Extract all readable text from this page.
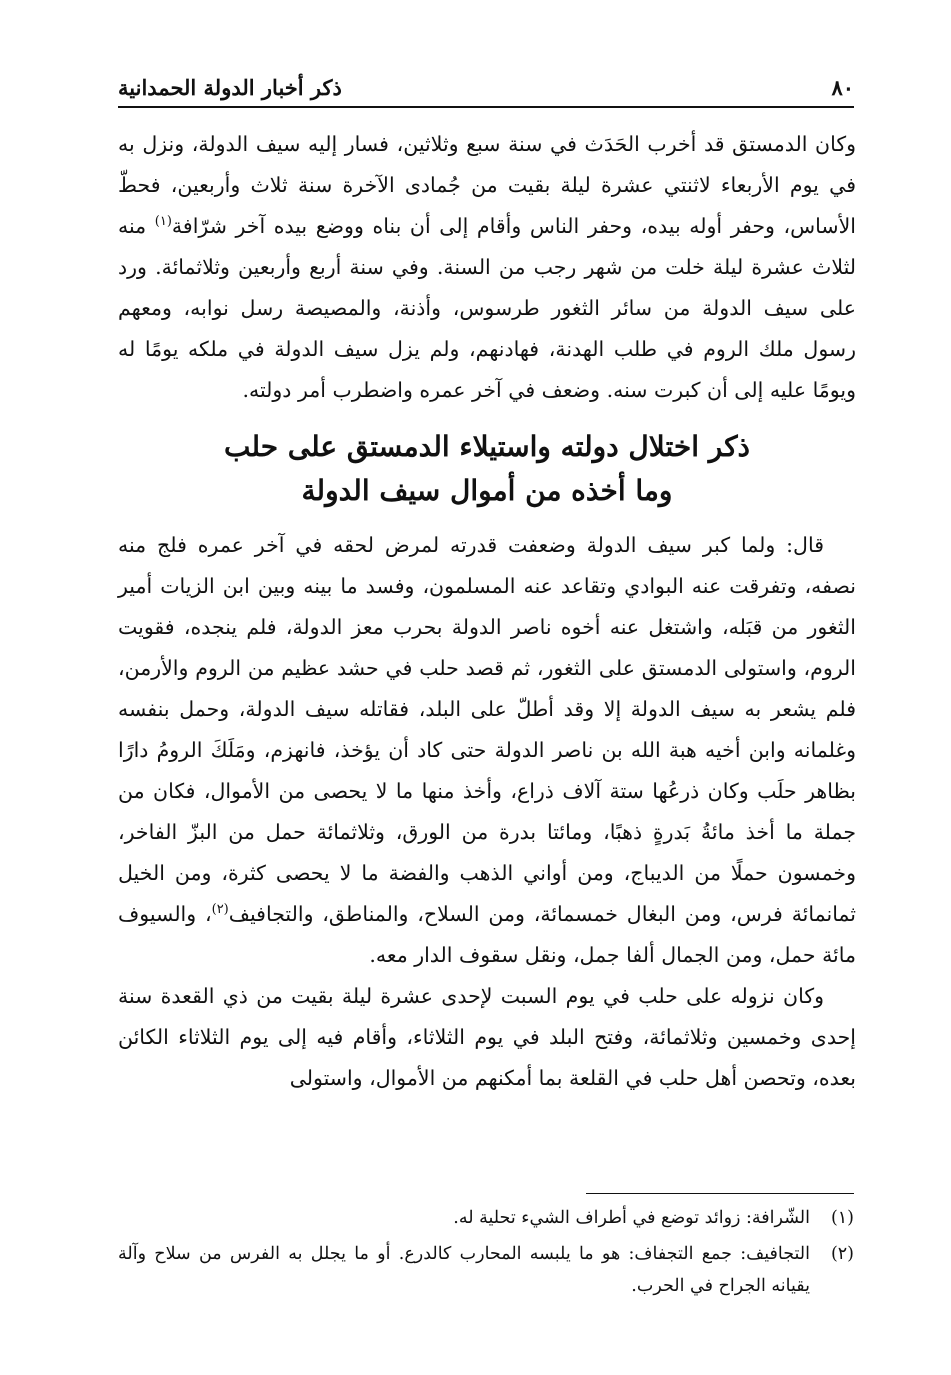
٨٠
ذكر أخبار الدولة الحمدانية

وكان الدمستق قد أخرب الحَدَث في سنة سبع وثلاثين، فسار إليه سيف الدولة، ونزل به في يوم الأربعاء لاثنتي عشرة ليلة بقيت من جُمادى الآخرة سنة ثلاث وأربعين، فحطّ الأساس، وحفر أوله بيده، وحفر الناس وأقام إلى أن بناه ووضع بيده آخر شرّافة$^{(١)}$ منه لثلاث عشرة ليلة خلت من شهر رجب من السنة. وفي سنة أربع وأربعين وثلاثمائة. ورد على سيف الدولة من سائر الثغور طرسوس، وأذنة، والمصيصة رسل نوابه، ومعهم رسول ملك الروم في طلب الهدنة، فهادنهم، ولم يزل سيف الدولة في ملكه يومًا له ويومًا عليه إلى أن كبرت سنه. وضعف في آخر عمره واضطرب أمر دولته.

ذكر اختلال دولته واستيلاء الدمستق على حلب
وما أخذه من أموال سيف الدولة

قال: ولما كبر سيف الدولة وضعفت قدرته لمرض لحقه في آخر عمره فلج منه نصفه، وتفرقت عنه البوادي وتقاعد عنه المسلمون، وفسد ما بينه وبين ابن الزيات أمير الثغور من قبَله، واشتغل عنه أخوه ناصر الدولة بحرب معز الدولة، فلم ينجده، فقويت الروم، واستولى الدمستق على الثغور، ثم قصد حلب في حشد عظيم من الروم والأرمن، فلم يشعر به سيف الدولة إلا وقد أطلّ على البلد، فقاتله سيف الدولة، وحمل بنفسه وغلمانه وابن أخيه هبة الله بن ناصر الدولة حتى كاد أن يؤخذ، فانهزم، ومَلَكَ الرومُ دارًا بظاهر حلَب وكان ذرعُها ستة آلاف ذراع، وأخذ منها ما لا يحصى من الأموال، فكان من جملة ما أخذ مائةُ بَدرةٍ ذهبًا، ومائتا بدرة من الورق، وثلاثمائة حمل من البزّ الفاخر، وخمسون حملًا من الديباج، ومن أواني الذهب والفضة ما لا يحصى كثرة، ومن الخيل ثمانمائة فرس، ومن البغال خمسمائة، ومن السلاح، والمناطق، والتجافيف$^{(٢)}$، والسيوف مائة حمل، ومن الجمال ألفا جمل، ونقل سقوف الدار معه.

وكان نزوله على حلب في يوم السبت لإحدى عشرة ليلة بقيت من ذي القعدة سنة إحدى وخمسين وثلاثمائة، وفتح البلد في يوم الثلاثاء، وأقام فيه إلى يوم الثلاثاء الكائن بعده، وتحصن أهل حلب في القلعة بما أمكنهم من الأموال، واستولى

(١)
الشّرافة: زوائد توضع في أطراف الشيء تحلية له.
(٢)
التجافيف: جمع التجفاف: هو ما يلبسه المحارب كالدرع. أو ما يجلل به الفرس من سلاح وآلة يقيانه الجراح في الحرب.
